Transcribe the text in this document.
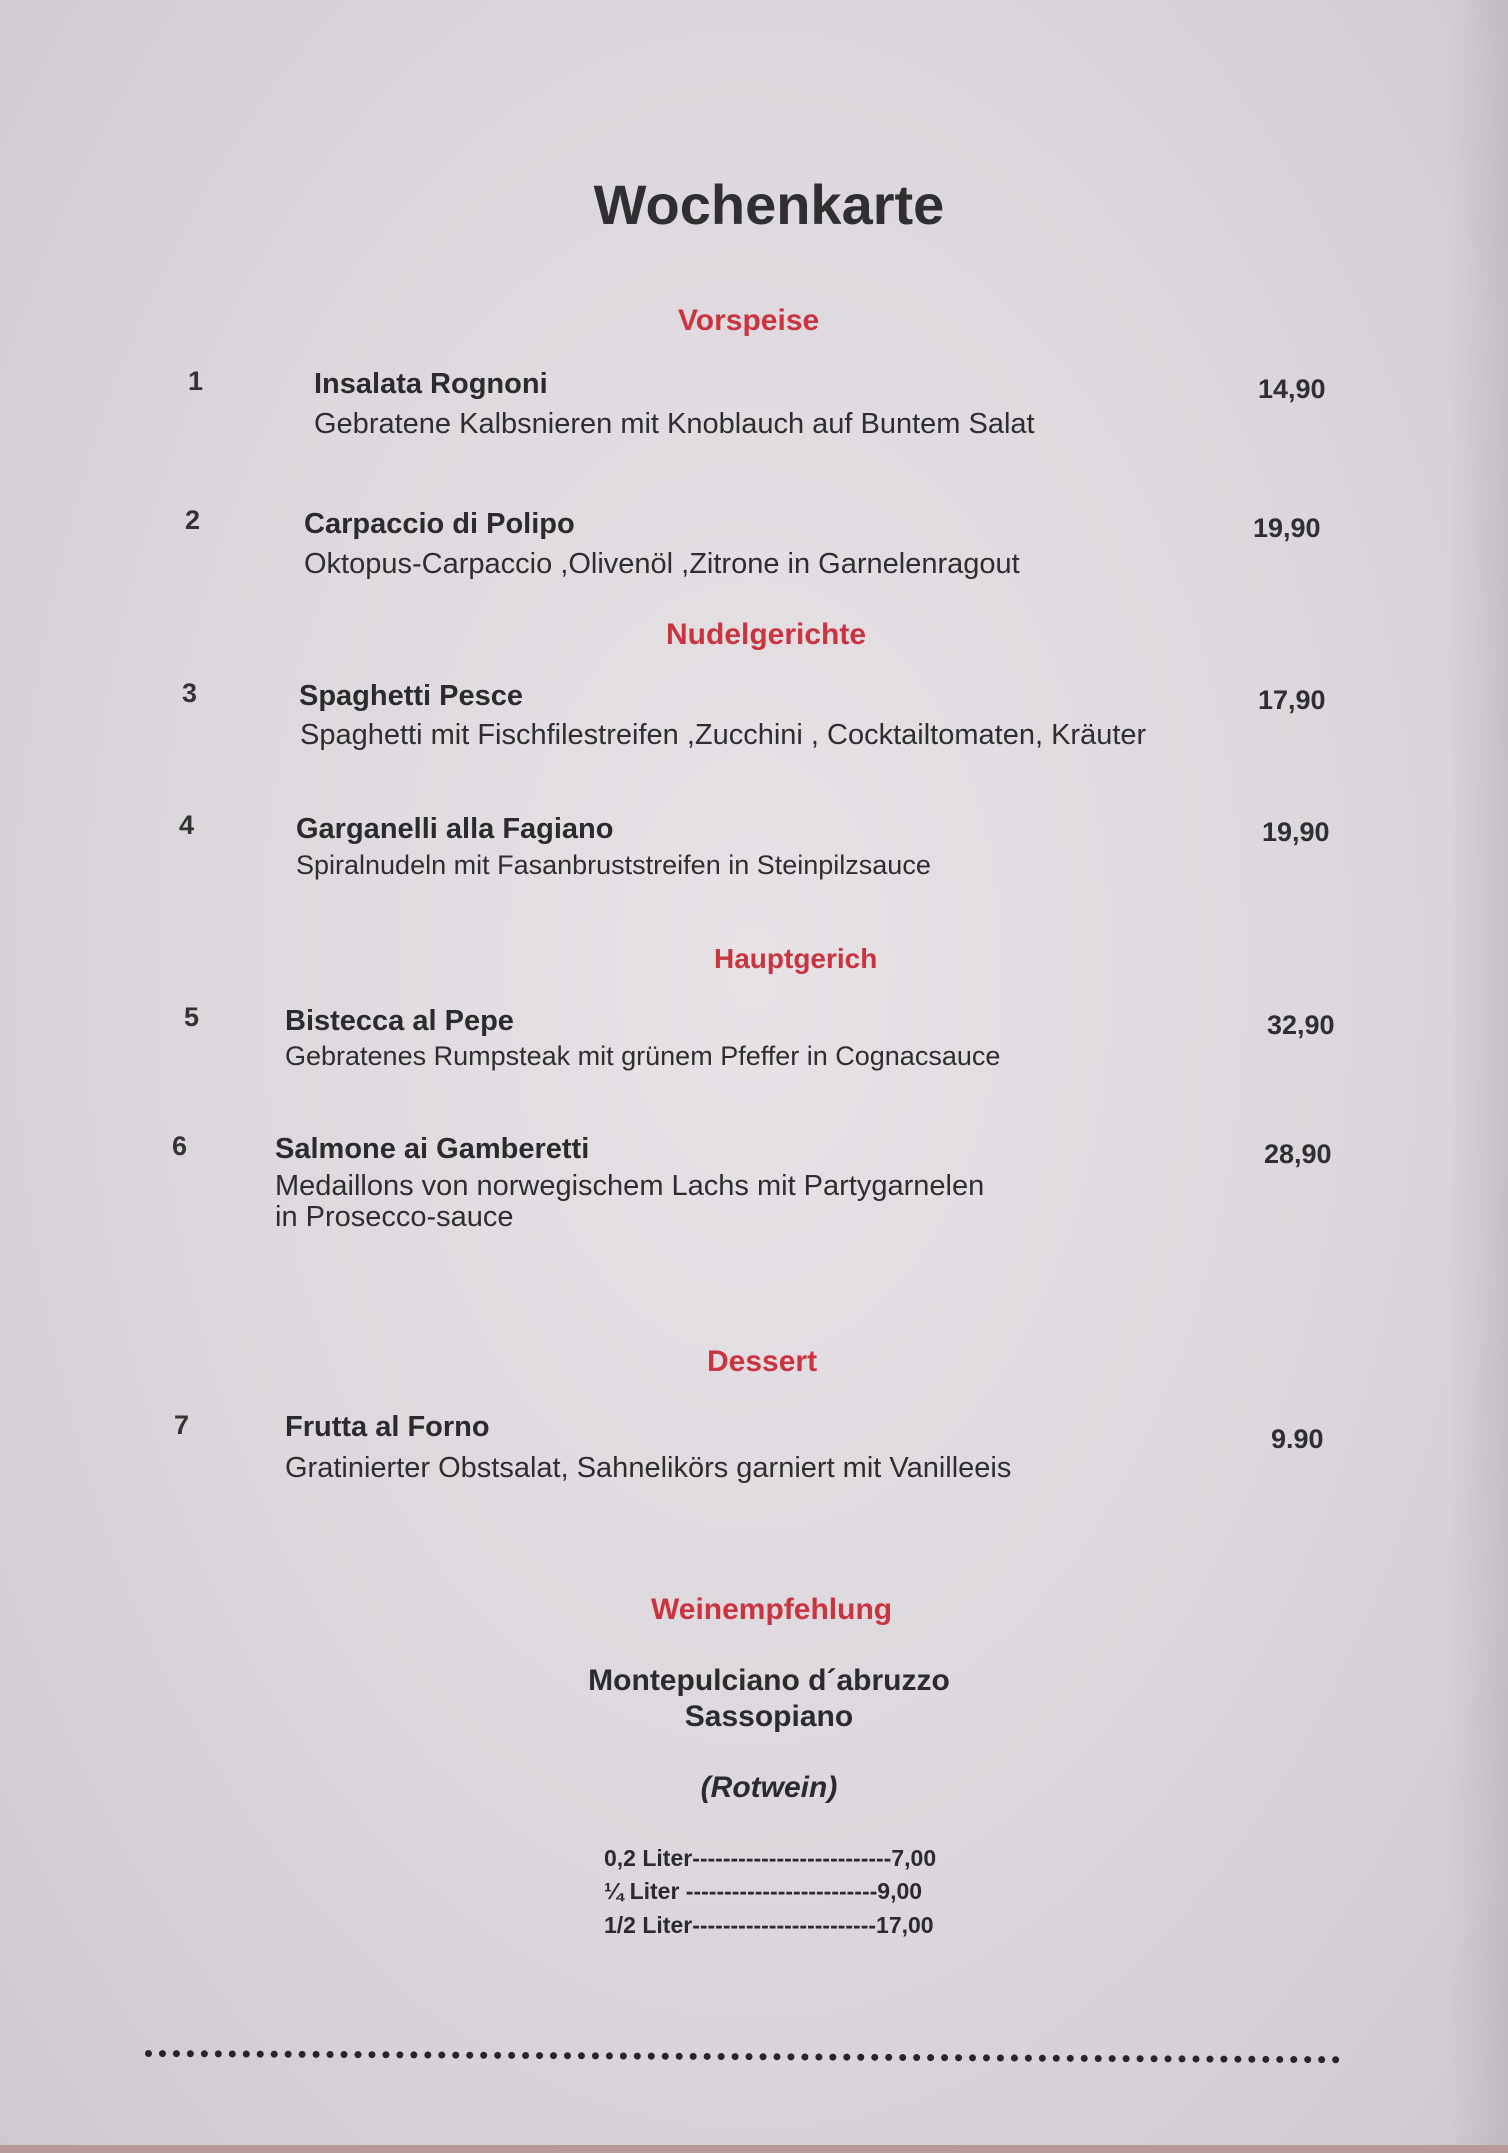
Wochenkarte
Vorspeise
1	Insalata Rognoni
Gebratene Kalbsnieren mit Knoblauch auf Buntem Salat
14,90
2	Carpaccio di Polipo
Oktopus-Carpaccio ,Olivenöl ,Zitrone in Garnelenragout
19,90
Nudelgerichte
3	Spaghetti Pesce
Spaghetti mit Fischfilestreifen ,Zucchini , Cocktailtomaten, Kräuter
17,90
4	Garganelli alla Fagiano
Spiralnudeln mit Fasanbruststreifen in Steinpilzsauce
19,90
Hauptgerich
5	Bistecca al Pepe
Gebratenes Rumpsteak mit grünem Pfeffer in Cognacsauce
32,90
6	Salmone ai Gamberetti
Medaillons von norwegischem Lachs mit Partygarnelen
in Prosecco-sauce
28,90
Dessert
7	Frutta al Forno
Gratinierter Obstsalat, Sahnelikörs garniert mit Vanilleeis
9.90
Weinempfehlung
Montepulciano d´abruzzo
Sassopiano
(Rotwein)
0,2 Liter--------------------------7,00
¼ Liter -------------------------9,00
1/2 Liter------------------------17,00
